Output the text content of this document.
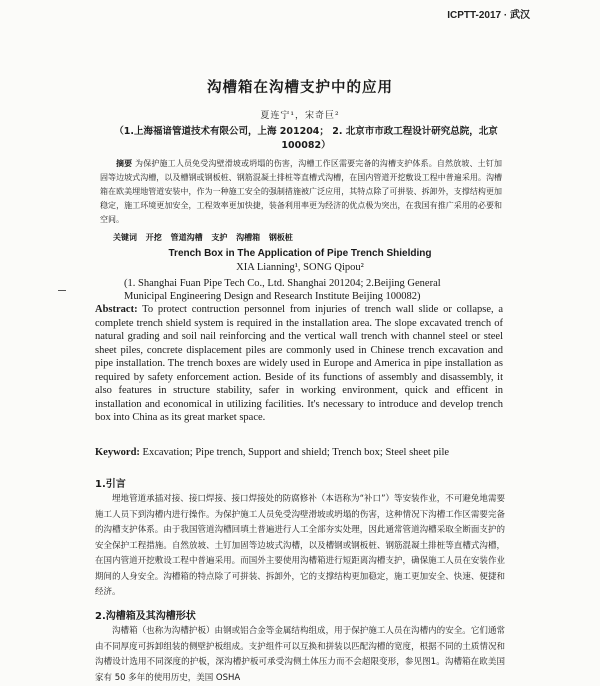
ICPTT-2017 · 武汉
沟槽箱在沟槽支护中的应用
夏连宁¹，宋奇巨²
（1.上海福谙管道技术有限公司，上海 201204； 2. 北京市市政工程设计研究总院，北京 100082）
摘要 为保护施工人员免受沟壁滑坡或坍塌的伤害，沟槽工作区需要完备的沟槽支护体系。自然放坡、土钉加固等边坡式沟槽，以及槽钢或钢板桩、钢筋混凝土排桩等直槽式沟槽，在国内管道开挖敷设工程中普遍采用。沟槽箱在欧美埋地管道安装中，作为一种施工安全的强制措施被广泛应用，其特点除了可拼装、拆卸外，支撑结构更加稳定，施工环境更加安全，工程效率更加快捷，装备利用率更为经济的优点极为突出，在我国有推广采用的必要和空间。
关键词 开挖 管道沟槽 支护 沟槽箱 钢板桩
Trench Box in The Application of Pipe Trench Shielding
XIA Lianning¹, SONG Qipou²
(1. Shanghai Fuan Pipe Tech Co., Ltd. Shanghai 201204; 2.Beijing General Municipal Engineering Design and Research Institute Beijing 100082)
Abstract: To protect contruction personnel from injuries of trench wall slide or collapse, a complete trench shield system is required in the installation area. The slope excavated trench of natural grading and soil nail reinforcing and the vertical wall trench with channel steel or steel sheet piles, concrete displacement piles are commonly used in Chinese trench excavation and pipe installation. The trench boxes are widely used in Europe and America in pipe installation as required by safety enforcement action. Beside of its functions of assembly and disassembly, it also features in structure stability, safer in working environment, quick and efficent in installation and economical in utilizing facilities. It's necessary to introduce and develop trench box into China as its great market space.
Keyword: Excavation; Pipe trench, Support and shield; Trench box; Steel sheet pile
1.引言
埋地管道承插对接、接口焊接、接口焊接处的防腐修补（本语称为“补口”）等安装作业，不可避免地需要施工人员下到沟槽内进行操作。为保护施工人员免受沟壁滑坡或坍塌的伤害，这种情况下沟槽工作区需要完备的沟槽支护体系。由于我国管道沟槽回填土普遍进行人工全部夯实处理，因此通常管道沟槽采取全断面支护的安全保护工程措施。自然放坡、土钉加固等边坡式沟槽，以及槽钢或钢板桩、钢筋混凝土排桩等直槽式沟槽，在国内管道开挖敷设工程中普遍采用。而国外主要使用沟槽箱进行短距离沟槽支护，确保施工人员在安装作业期间的人身安全。沟槽箱的特点除了可拼装、拆卸外，它的支撑结构更加稳定，施工更加安全、快速、便捷和经济。
2.沟槽箱及其沟槽形状
沟槽箱（也称为沟槽护板）由钢或铝合金等金属结构组成，用于保护施工人员在沟槽内的安全。它们通常由不同厚度可拆卸组装的侧壁护板组成。支护组件可以互换和拼装以匹配沟槽的宽度，根据不同的土质情况和沟槽设计选用不同深度的护板，深沟槽护板可承受沟侧土体压力而不会超限变形，参见图1。沟槽箱在欧美国家有 50 多年的使用历史，美国 OSHA
